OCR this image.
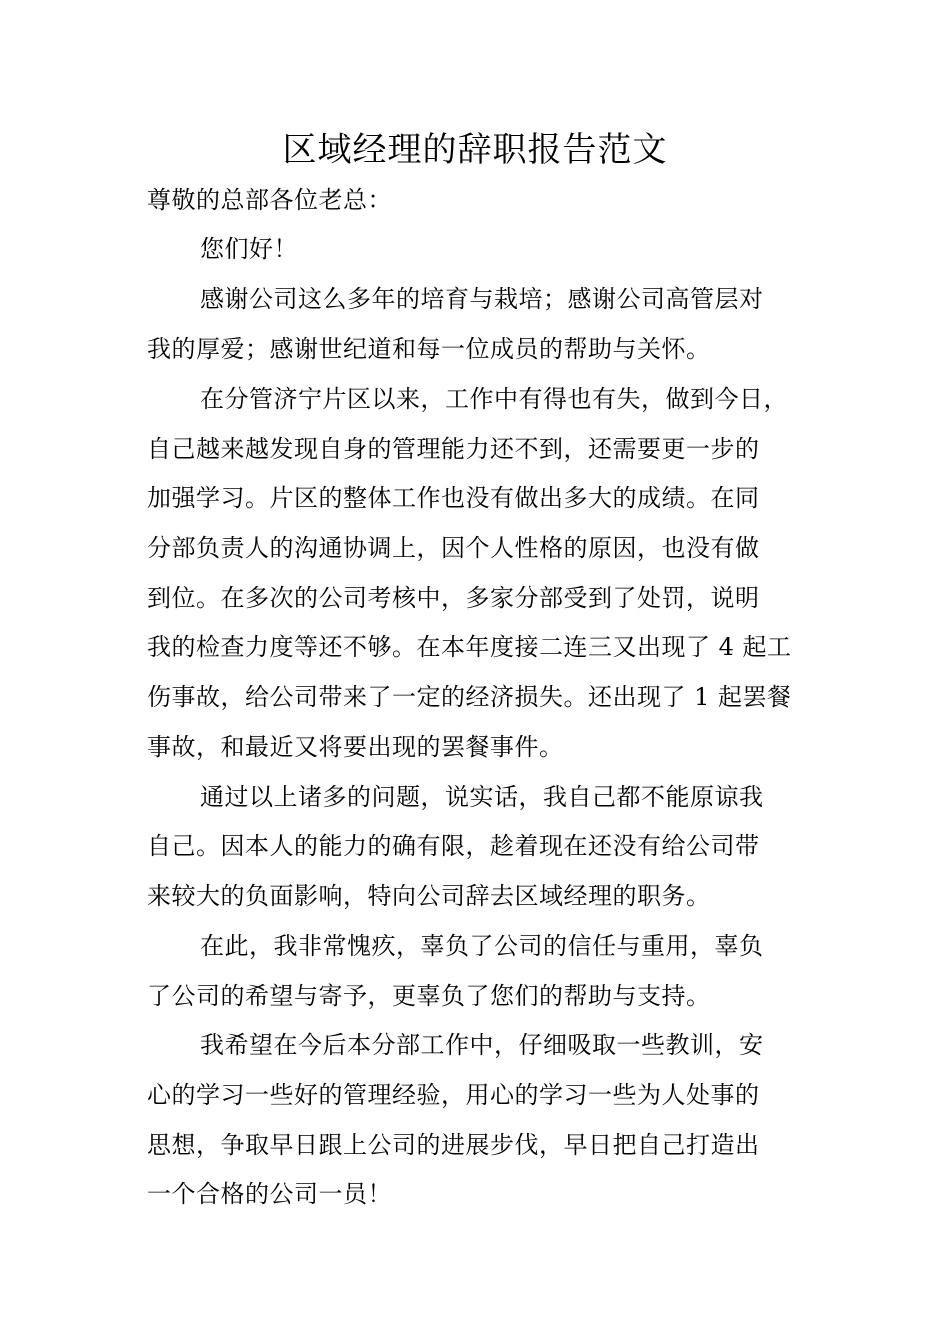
区域经理的辞职报告范文
尊敬的总部各位老总：
您们好！
感谢公司这么多年的培育与栽培；感谢公司高管层对
我的厚爱；感谢世纪道和每一位成员的帮助与关怀。
在分管济宁片区以来，工作中有得也有失，做到今日，
自己越来越发现自身的管理能力还不到，还需要更一步的
加强学习。片区的整体工作也没有做出多大的成绩。在同
分部负责人的沟通协调上，因个人性格的原因，也没有做
到位。在多次的公司考核中，多家分部受到了处罚，说明
我的检查力度等还不够。在本年度接二连三又出现了 4 起工
伤事故，给公司带来了一定的经济损失。还出现了 1 起罢餐
事故，和最近又将要出现的罢餐事件。
通过以上诸多的问题，说实话，我自己都不能原谅我
自己。因本人的能力的确有限，趁着现在还没有给公司带
来较大的负面影响，特向公司辞去区域经理的职务。
在此，我非常愧疚，辜负了公司的信任与重用，辜负
了公司的希望与寄予，更辜负了您们的帮助与支持。
我希望在今后本分部工作中，仔细吸取一些教训，安
心的学习一些好的管理经验，用心的学习一些为人处事的
思想，争取早日跟上公司的进展步伐，早日把自己打造出
一个合格的公司一员！
